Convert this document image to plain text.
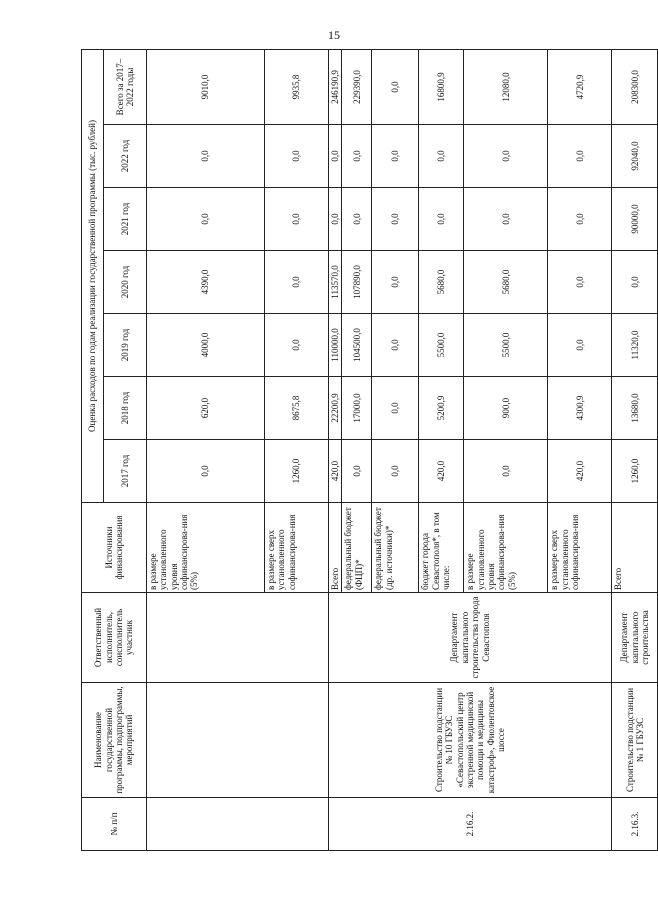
15
№ п/п	Наименование государственной программы, подпрограммы, мероприятий	Ответственный исполнитель, соисполнитель участник	Источники финансирования	Оценка расходов по годам реализации государственной программы (тыс. рублей)						
				2017 год	2018 год	2019 год	2020 год	2021 год	2022 год	Всего за 2017–2022 годы
			в размере установленного уровня софинансирова-ния (5%)	0,0	620,0	4000,0	4390,0	0,0	0,0	9010,0
			в размере сверх установленного софинансирова-ния	1260,0	8675,8	0,0	0,0	0,0	0,0	9935,8
2.16.2.	Строительство подстанции № 10 ГБУЗС «Севастопольский центр экстренной медицинской помощи и медицины катастроф», Фиолентовское шоссе	Департамент капитального строительства города Севастополя	Всего	420,0	22200,9	110000,0	113570,0	0,0	0,0	246190,9
			федеральный бюджет (ФЦП)*	0,0	17000,0	104500,0	107890,0	0,0	0,0	229390,0
			федеральный бюджет (др. источники)*	0,0	0,0	0,0	0,0	0,0	0,0	0,0
			бюджет города Севастополя*, в том числе:	420,0	5200,9	5500,0	5680,0	0,0	0,0	16800,9
			в размере установленного уровня софинансирова-ния (5%)	0,0	900,0	5500,0	5680,0	0,0	0,0	12080,0
			в размере сверх установленного софинансирова-ния	420,0	4300,9	0,0	0,0	0,0	0,0	4720,9
2.16.3.	Строительство подстанции № 1 ГБУЗС	Департамент капитального строительства	Всего	1260,0	13680,0	11320,0	0,0	90000,0	92040,0	208300,0
